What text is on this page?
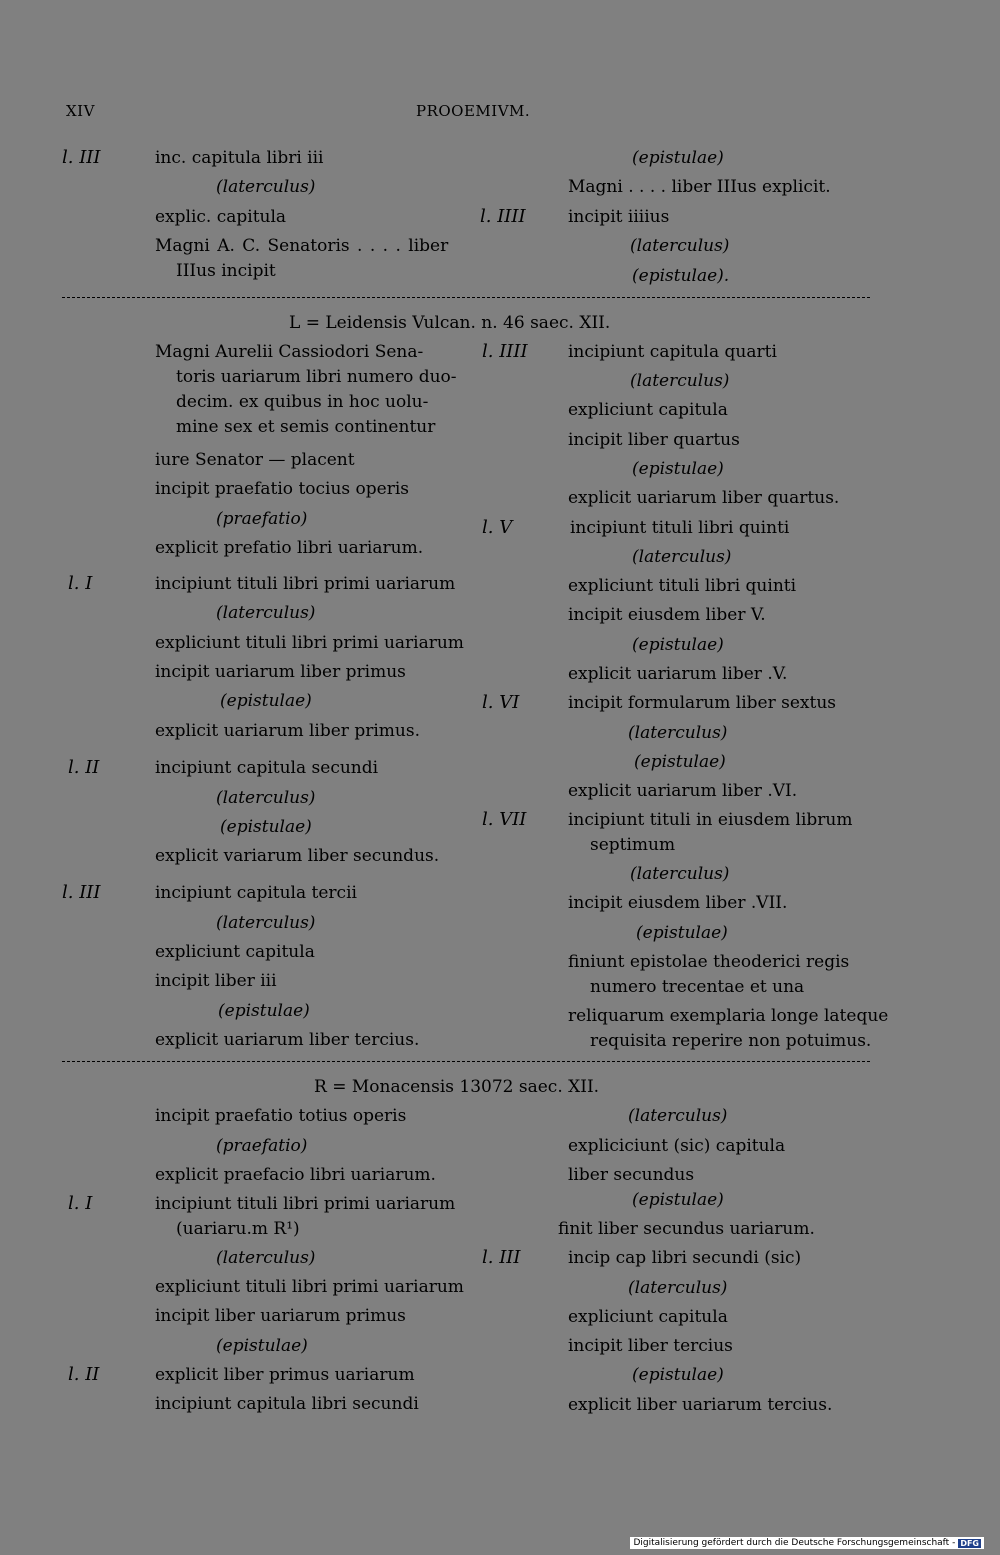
XIV	PROOEMIVM.
l. III	inc. capitula libri iii
(laterculus)
explic. capitula
Magni A. C. Senatoris . . . . liber
IIIus incipit
(epistulae)
Magni . . . . liber IIIus explicit.
l. IIII incipit iiiius
(laterculus)
(epistulae).
L = Leidensis Vulcan. n. 46 saec. XII.
R = Monacensis 13072 saec. XII.
Digitalisierung gefördert durch die Deutsche Forschungsgemeinschaft - DFG
Magni Aurelii Cassiodori Sena-
toris uariarum libri numero duo-
decim. ex quibus in hoc uolu-
mine sex et semis continentur
iure Senator — placent
incipit praefatio tocius operis
(praefatio)
explicit prefatio libri uariarum.
incipiunt tituli libri primi uariarum
(laterculus)
expliciunt tituli libri primi uariarum
incipit uariarum liber primus
(epistulae)
explicit uariarum liber primus.
incipiunt capitula secundi
(laterculus)
(epistulae)
explicit variarum liber secundus.
incipiunt capitula tercii
(laterculus)
expliciunt capitula
incipit liber iii
(epistulae)
explicit uariarum liber tercius.
l. I
l. II
l. III
incipiunt capitula quarti
(laterculus)
expliciunt capitula
incipit liber quartus
(epistulae)
explicit uariarum liber quartus.
incipiunt tituli libri quinti
(laterculus)
expliciunt tituli libri quinti
incipit eiusdem liber V.
(epistulae)
explicit uariarum liber .V.
incipit formularum liber sextus
(laterculus)
(epistulae)
explicit uariarum liber .VI.
incipiunt tituli in eiusdem librum
septimum
(laterculus)
incipit eiusdem liber .VII.
(epistulae)
finiunt epistolae theoderici regis
numero trecentae et una
reliquarum exemplaria longe lateque
requisita reperire non potuimus.
l. IIII
l. V
l. VI
l. VII
incipit praefatio totius operis
(praefatio)
explicit praefacio libri uariarum.
incipiunt tituli libri primi uariarum
(uariaru.m R¹)
(laterculus)
expliciunt tituli libri primi uariarum
incipit liber uariarum primus
(epistulae)
explicit liber primus uariarum
incipiunt capitula libri secundi
l. I
l. II
(laterculus)
expliciciunt (sic) capitula
liber secundus
(epistulae)
finit liber secundus uariarum.
incip cap libri secundi (sic)
(laterculus)
expliciunt capitula
incipit liber tercius
(epistulae)
explicit liber uariarum tercius.
l. III
